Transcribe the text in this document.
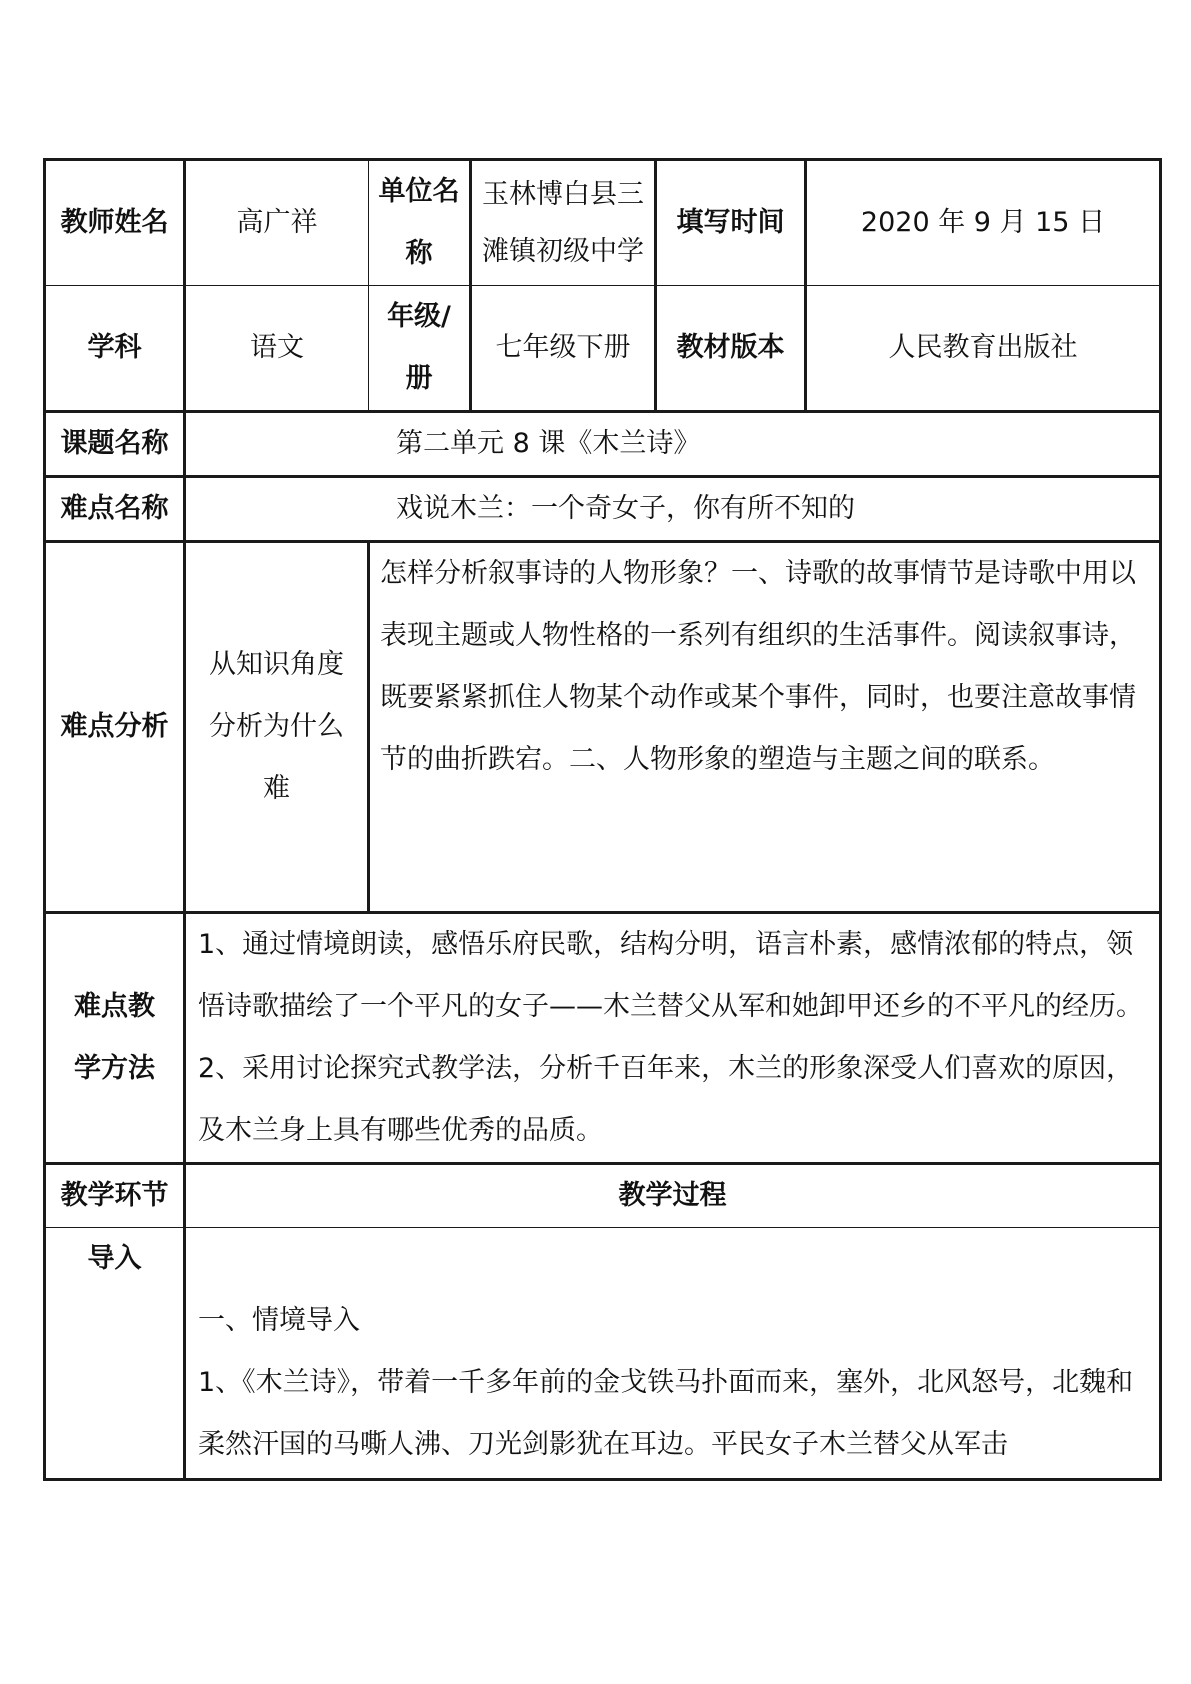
教师姓名	高广祥	单位名称	玉林博白县三滩镇初级中学	填写时间	2020 年 9 月 15 日
学科	语文	年级/册	七年级下册	教材版本	人民教育出版社
课题名称	第二单元 8 课《木兰诗》				
难点名称	戏说木兰：一个奇女子，你有所不知的				
难点分析	从知识角度分析为什么难	怎样分析叙事诗的人物形象？一、诗歌的故事情节是诗歌中用以表现主题或人物性格的一系列有组织的生活事件。阅读叙事诗，既要紧紧抓住人物某个动作或某个事件，同时，也要注意故事情节的曲折跌宕。二、人物形象的塑造与主题之间的联系。			
难点教学方法	1、通过情境朗读，感悟乐府民歌，结构分明，语言朴素，感情浓郁的特点，领悟诗歌描绘了一个平凡的女子——木兰替父从军和她卸甲还乡的不平凡的经历。2、采用讨论探究式教学法，分析千百年来，木兰的形象深受人们喜欢的原因，及木兰身上具有哪些优秀的品质。				
教学环节	教学过程				
导入	一、情境导入
1、《木兰诗》，带着一千多年前的金戈铁马扑面而来，塞外，北风怒号，北魏和柔然汗国的马嘶人沸、刀光剑影犹在耳边。平民女子木兰替父从军击				
